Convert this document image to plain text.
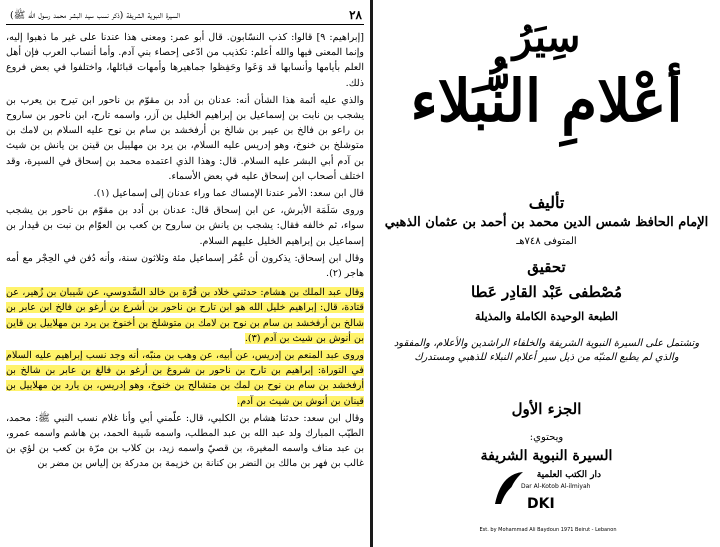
٢٨
السيرة النبوية الشريفة (ذكر نسب سيد البشر محمد رسول الله ﷺ)

[إبراهيم: ٩] قالوا: كذب النسّابون. قال أبو عمر: ومعنى هذا عندنا على غير ما ذهبوا إليه، وإنما المعنى فيها والله أعلم: تكذيب من ادّعى إحصاء بني آدم. وأما أنساب العرب فإن أهل العلم بأيامها وأنسابها قد وَعَوا وحَفِظوا جماهيرها وأمهات قبائلها، واختلفوا في بعض فروع ذلك.

والذي عليه أئمة هذا الشأن أنه: عدنان بن أدد بن مقوّم بن ناحور ابن تيرح بن يعرب بن يشجب بن نابت بن إسماعيل بن إبراهيم الخليل بن آزر، واسمه تارح، ابن ناحور بن ساروح بن راعو بن فالخ بن عيبر بن شالخ بن أرفخشد بن سام بن نوح عليه السلام بن لامك بن متوشلخ بن خنوخ، وهو إدريس عليه السلام، بن يرد بن مهلييل بن قينن بن يانش بن شيث بن آدم أبي البشر عليه السلام. قال: وهذا الذي اعتمده محمد بن إسحاق في السيرة، وقد اختلف أصحاب ابن إسحاق عليه في بعض الأسماء.

قال ابن سعد: الأمر عندنا الإمساك عما وراء عدنان إلى إسماعيل (١).

وروى سَلَمَة الأبرش، عن ابن إسحاق قال: عدنان بن أدد بن مقوّم بن ناحور بن يشجب سواء، ثم خالفه فقال: يشجب بن يانش بن ساروح بن كعب بن العوّام بن نبت بن قيدار بن إسماعيل بن إبراهيم الخليل عليهم السلام.

وقال ابن إسحاق: يذكرون أن عُمُر إسماعيل مئة وثلاثون سنة، وأنه دُفن في الحِجْر مع أمه هاجر (٢).

وقال عبد الملك بن هشام: حدثني خلاد بن قُرّة بن خالد السَّدوسي، عن شَيبان بن زُهير، عن قتادة، قال: إبراهيم خليل الله هو ابن تارح بن ناحور بن أشرع بن أرغو بن فالخ ابن عابر بن شالخ بن أرفخشد بن سام بن نوح بن لامك بن متوشلخ بن أخنوخ بن يرد بن مهلاييل بن قاين بن أنوش بن شيث بن آدم (٣).

وروى عبد المنعم بن إدريس، عن أبيه، عن وهب بن منبّه، أنه وجد نسب إبراهيم عليه السلام في التوراة: إبراهيم بن تارح بن ناحور بن شروغ بن أرغو بن فالغ بن عابر بن شالخ بن أرفخشد بن سام بن نوح بن لمك بن متشالح بن خنوخ، وهو إدريس، بن يارد بن مهلاييل بن قينان بن أنوش بن شيث بن آدم.

وقال ابن سعد: حدثنا هشام بن الكلبي، قال: علّمني أبي وأنا غلام نسب النبي ﷺ: محمد، الطيّب المبارك ولد عبد الله بن عبد المطلب، واسمه شَيبة الحمد، بن هاشم واسمه عمرو، بن عبد مناف واسمه المغيرة، بن قصيّ واسمه زيد، بن كلاب بن مرّة بن كعب بن لؤي بن غالب بن فهر بن مالك بن النضر بن كنانة بن خزيمة بن مدركة بن إلياس بن مضر بن

سِيَرُ
أعْلامِ النُّبَلاء
تأليف
الإمام الحافظ شمس الدين محمد بن أحمد بن عثمان الذهبي
المتوفى ٧٤٨هـ
تحقيق
مُصْطفى عَبْد القادِر عَطا
الطبعة الوحيدة الكاملة والمذيلة
وتشتمل على السيرة النبوية الشريفة والخلفاء الراشدين والأعلام، والمفقود والذي لم يطبع المنبّه من ذيل سير أعلام النبلاء للذهبي ومستدرك
الجزء الأول
ويحتوي:
السيرة النبوية الشريفة
دار الكتب العلمية
Dar Al-Kotob Al-ilmiyah
DKI
Est. by Mohammad Ali Baydoun 1971 Beirut - Lebanon
